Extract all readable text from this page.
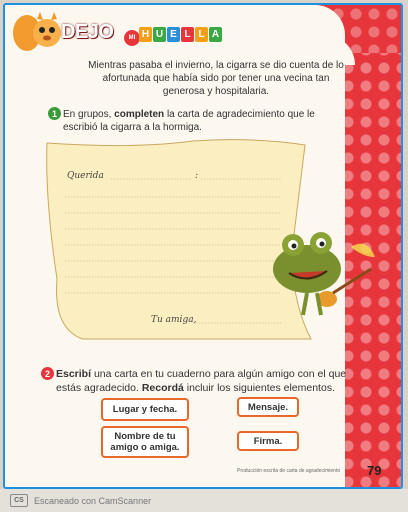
DEJO	MI H U E L L A
Mientras pasaba el invierno, la cigarra se dio cuenta de lo afortunada que había sido por tener una vecina tan generosa y hospitalaria.
1 En grupos, completen la carta de agradecimiento que le escribió la cigarra a la hormiga.
Querida	:
Tu amiga,
2 Escribí una carta en tu cuaderno para algún amigo con el que estás agradecido. Recordá incluir los siguientes elementos.
Lugar y fecha.	Mensaje.
Nombre de tu amigo o amiga.
Firma.
Producción escrita de carta de agradecimiento 79
CS	Escaneado con CamScanner
